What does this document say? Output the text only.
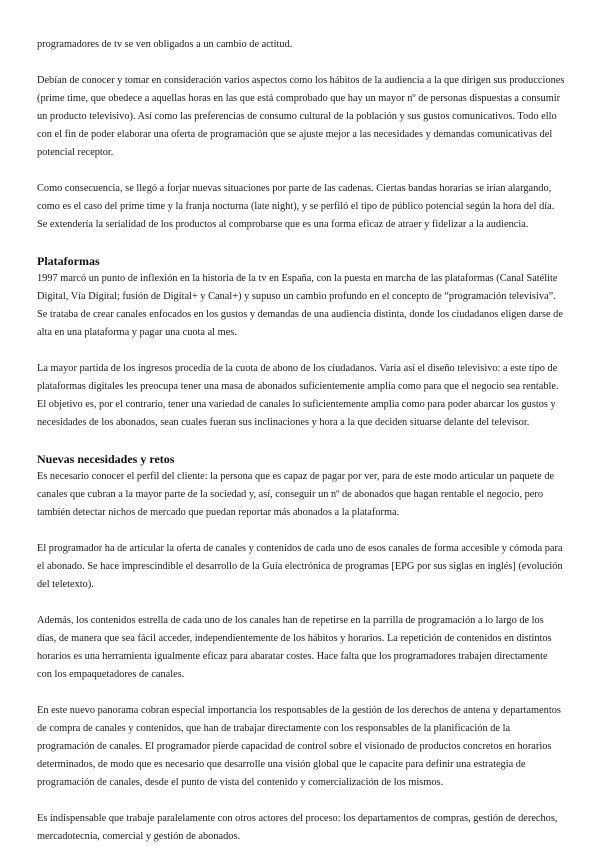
programadores de tv se ven obligados a un cambio de actitud.

Debían de conocer y tomar en consideración varios aspectos como los hábitos de la audiencia a la que dirigen sus producciones (prime time, que obedece a aquellas horas en las que está comprobado que hay un mayor nº de personas dispuestas a consumir un producto televisivo). Así como las preferencias de consumo cultural de la población y sus gustos comunicativos. Todo ello con el fin de poder elaborar una oferta de programación que se ajuste mejor a las necesidades y demandas comunicativas del potencial receptor.

Como consecuencia, se llegó a forjar nuevas situaciones por parte de las cadenas. Ciertas bandas horarias se irían alargando, como es el caso del prime time y la franja nocturna (late night), y se perfiló el tipo de público potencial según la hora del día. Se extendería la serialidad de los productos al comprobarse que es una forma eficaz de atraer y fidelizar a la audiencia.

Plataformas

1997 marcó un punto de inflexión en la historia de la tv en España, con la puesta en marcha de las plataformas (Canal Satélite Digital, Vía Digital; fusión de Digital+ y Canal+) y supuso un cambio profundo en el concepto de “programación televisiva”. Se trataba de crear canales enfocados en los gustos y demandas de una audiencia distinta, donde los ciudadanos eligen darse de alta en una plataforma y pagar una cuota al mes.

La mayor partida de los ingresos procedía de la cuota de abono de los ciudadanos. Varía así el diseño televisivo: a este tipo de plataformas digitales les preocupa tener una masa de abonados suficientemente amplia como para que el negocio sea rentable. El objetivo es, por el contrario, tener una variedad de canales lo suficientemente amplia como para poder abarcar los gustos y necesidades de los abonados, sean cuales fueran sus inclinaciones y hora a la que deciden situarse delante del televisor.

Nuevas necesidades y retos

Es necesario conocer el perfil del cliente: la persona que es capaz de pagar por ver, para de este modo articular un paquete de canales que cubran a la mayor parte de la sociedad y, así, conseguir un nº de abonados que hagan rentable el negocio, pero también detectar nichos de mercado que puedan reportar más abonados a la plataforma.

El programador ha de articular la oferta de canales y contenidos de cada uno de esos canales de forma accesible y cómoda para el abonado. Se hace imprescindible el desarrollo de la Guía electrónica de programas [EPG por sus siglas en inglés] (evolución del teletexto).

Además, los contenidos estrella de cada uno de los canales han de repetirse en la parrilla de programación a lo largo de los días, de manera que sea fácil acceder, independientemente de los hábitos y horarios. La repetición de contenidos en distintos horarios es una herramienta igualmente eficaz para abaratar costes. Hace falta que los programadores trabajen directamente con los empaquetadores de canales.

En este nuevo panorama cobran especial importancia los responsables de la gestión de los derechos de antena y departamentos de compra de canales y contenidos, que han de trabajar directamente con los responsables de la planificación de la programación de canales. El programador pierde capacidad de control sobre el visionado de productos concretos en horarios determinados, de modo que es necesario que desarrolle una visión global que le capacite para definir una estrategia de programación de canales, desde el punto de vista del contenido y comercialización de los mismos.

Es indispensable que trabaje paralelamente con otros actores del proceso: los departamentos de compras, gestión de derechos, mercadotecnia, comercial y gestión de abonados.
